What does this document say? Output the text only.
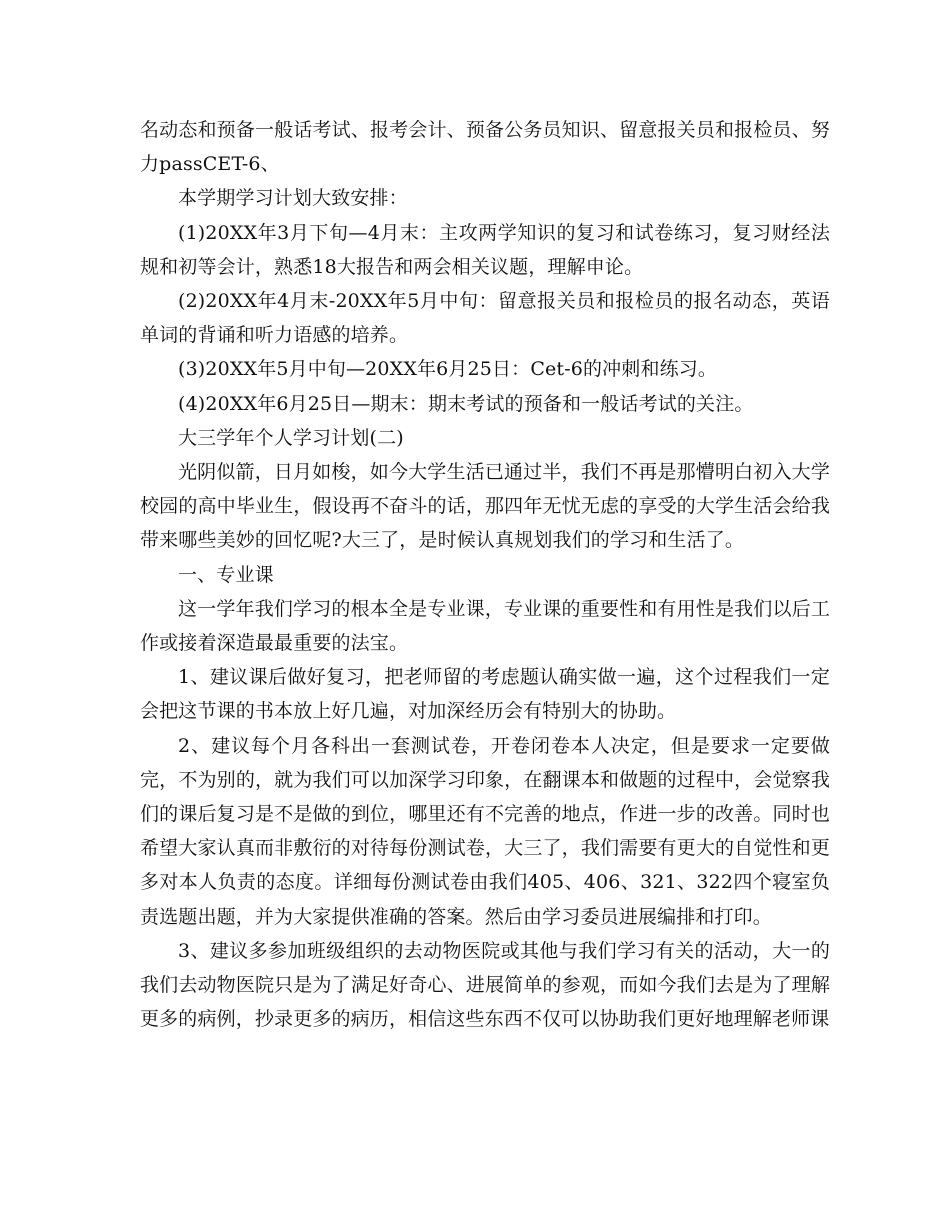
名动态和预备一般话考试、报考会计、预备公务员知识、留意报关员和报检员、努力passCET-6、

本学期学习计划大致安排：

(1)20XX年3月下旬—4月末：主攻两学知识的复习和试卷练习，复习财经法规和初等会计，熟悉18大报告和两会相关议题，理解申论。

(2)20XX年4月末-20XX年5月中旬：留意报关员和报检员的报名动态，英语单词的背诵和听力语感的培养。

(3)20XX年5月中旬—20XX年6月25日：Cet-6的冲刺和练习。

(4)20XX年6月25日—期末：期末考试的预备和一般话考试的关注。

大三学年个人学习计划(二)

光阴似箭，日月如梭，如今大学生活已通过半，我们不再是那懵明白初入大学校园的高中毕业生，假设再不奋斗的话，那四年无忧无虑的享受的大学生活会给我带来哪些美妙的回忆呢?大三了，是时候认真规划我们的学习和生活了。

一、专业课

这一学年我们学习的根本全是专业课，专业课的重要性和有用性是我们以后工作或接着深造最最重要的法宝。

1、建议课后做好复习，把老师留的考虑题认确实做一遍，这个过程我们一定会把这节课的书本放上好几遍，对加深经历会有特别大的协助。

2、建议每个月各科出一套测试卷，开卷闭卷本人决定，但是要求一定要做完，不为别的，就为我们可以加深学习印象，在翻课本和做题的过程中，会觉察我们的课后复习是不是做的到位，哪里还有不完善的地点，作进一步的改善。同时也希望大家认真而非敷衍的对待每份测试卷，大三了，我们需要有更大的自觉性和更多对本人负责的态度。详细每份测试卷由我们405、406、321、322四个寝室负责选题出题，并为大家提供准确的答案。然后由学习委员进展编排和打印。

3、建议多参加班级组织的去动物医院或其他与我们学习有关的活动，大一的我们去动物医院只是为了满足好奇心、进展简单的参观，而如今我们去是为了理解更多的病例，抄录更多的病历，相信这些东西不仅可以协助我们更好地理解老师课
